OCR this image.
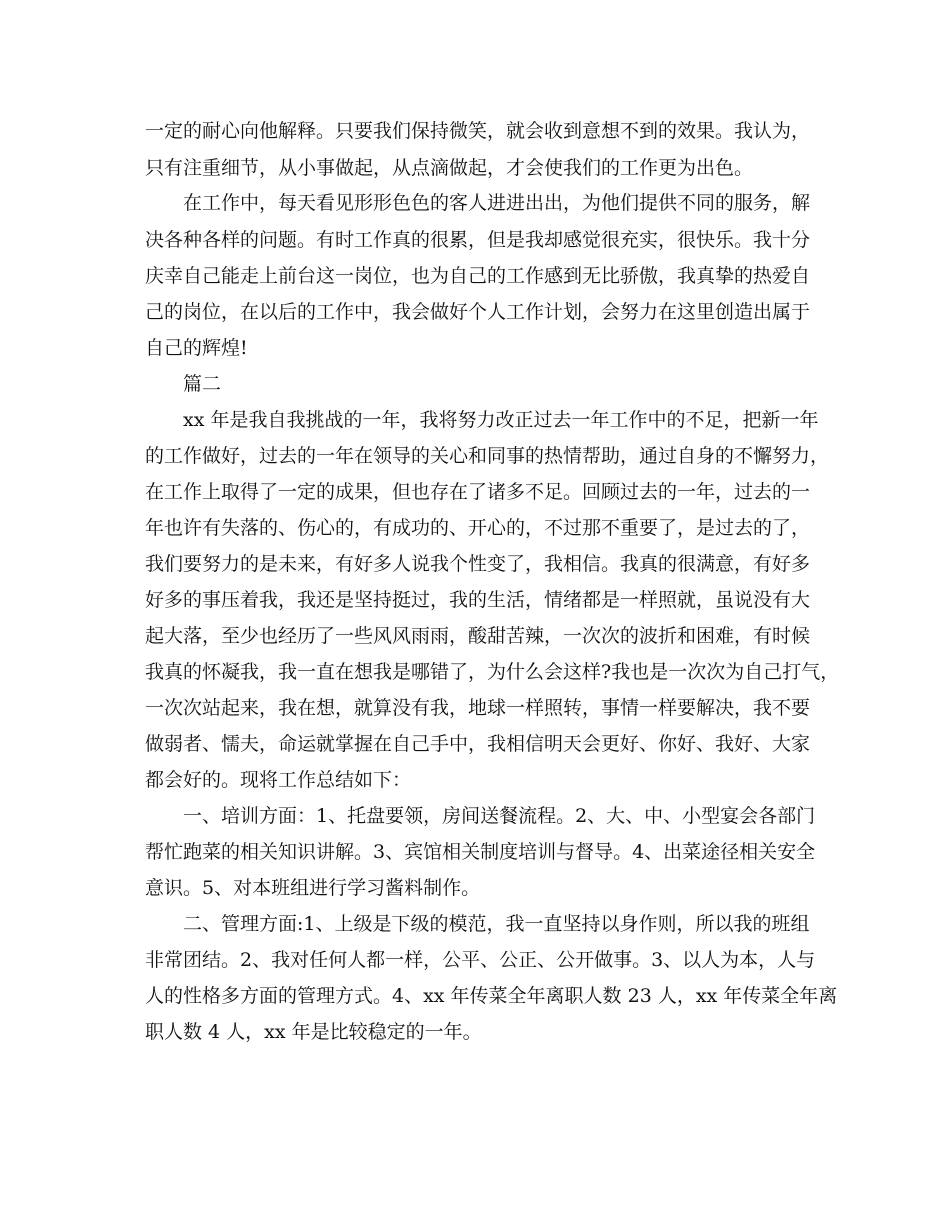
一定的耐心向他解释。只要我们保持微笑，就会收到意想不到的效果。我认为，
只有注重细节，从小事做起，从点滴做起，才会使我们的工作更为出色。
在工作中，每天看见形形色色的客人进进出出，为他们提供不同的服务，解
决各种各样的问题。有时工作真的很累，但是我却感觉很充实，很快乐。我十分
庆幸自己能走上前台这一岗位，也为自己的工作感到无比骄傲，我真挚的热爱自
己的岗位，在以后的工作中，我会做好个人工作计划，会努力在这里创造出属于
自己的辉煌!
篇二
xx 年是我自我挑战的一年，我将努力改正过去一年工作中的不足，把新一年
的工作做好，过去的一年在领导的关心和同事的热情帮助，通过自身的不懈努力，
在工作上取得了一定的成果，但也存在了诸多不足。回顾过去的一年，过去的一
年也许有失落的、伤心的，有成功的、开心的，不过那不重要了，是过去的了，
我们要努力的是未来，有好多人说我个性变了，我相信。我真的很满意，有好多
好多的事压着我，我还是坚持挺过，我的生活，情绪都是一样照就，虽说没有大
起大落，至少也经历了一些风风雨雨，酸甜苦辣，一次次的波折和困难，有时候
我真的怀凝我，我一直在想我是哪错了，为什么会这样?我也是一次次为自己打气，
一次次站起来，我在想，就算没有我，地球一样照转，事情一样要解决，我不要
做弱者、懦夫，命运就掌握在自己手中，我相信明天会更好、你好、我好、大家
都会好的。现将工作总结如下：
一、培训方面：1、托盘要领，房间送餐流程。2、大、中、小型宴会各部门
帮忙跑菜的相关知识讲解。3、宾馆相关制度培训与督导。4、出菜途径相关安全
意识。5、对本班组进行学习酱料制作。
二、管理方面:1、上级是下级的模范，我一直坚持以身作则，所以我的班组
非常团结。2、我对任何人都一样，公平、公正、公开做事。3、以人为本，人与
人的性格多方面的管理方式。4、xx 年传菜全年离职人数 23 人，xx 年传菜全年离
职人数 4 人，xx 年是比较稳定的一年。
